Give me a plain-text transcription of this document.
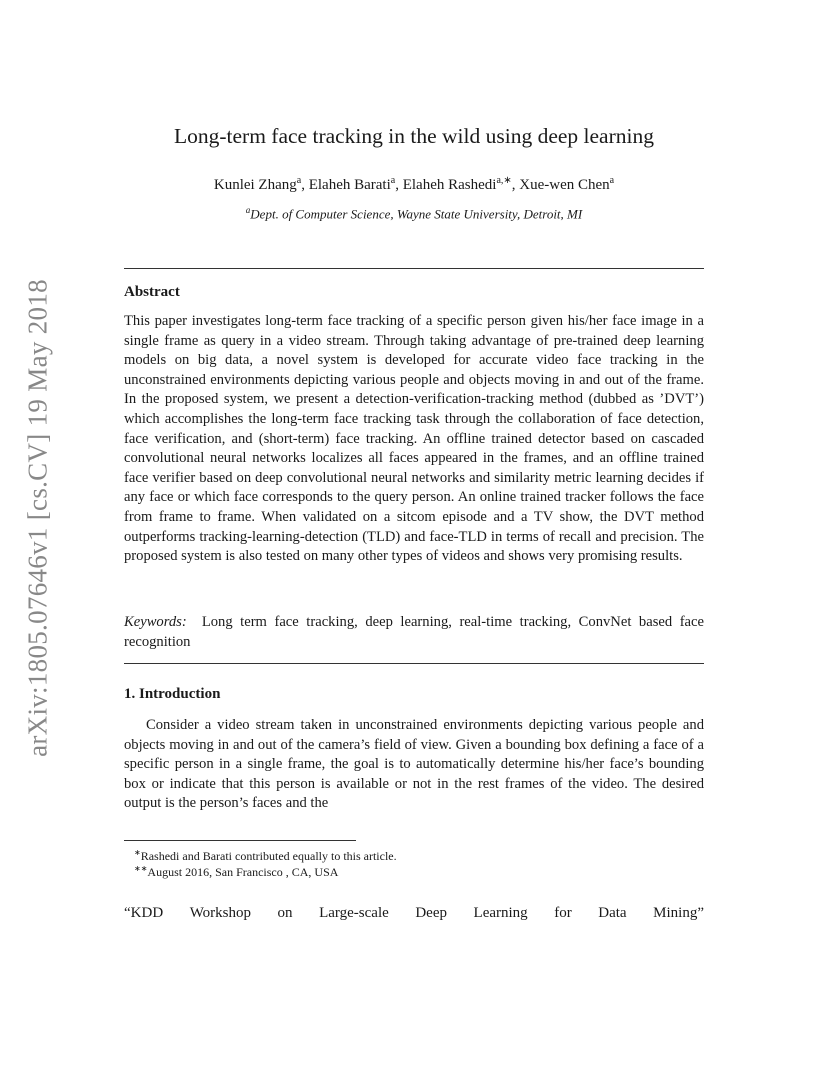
arXiv:1805.07646v1 [cs.CV] 19 May 2018
Long-term face tracking in the wild using deep learning
Kunlei Zhang$^a$, Elaheh Barati$^a$, Elaheh Rashedi$^{a,∗}$, Xue-wen Chen$^a$
$^a$Dept. of Computer Science, Wayne State University, Detroit, MI
Abstract
This paper investigates long-term face tracking of a specific person given his/her face image in a single frame as query in a video stream. Through taking advantage of pre-trained deep learning models on big data, a novel system is developed for accurate video face tracking in the unconstrained environments depicting various people and objects moving in and out of the frame. In the proposed system, we present a detection-verification-tracking method (dubbed as ’DVT’) which accomplishes the long-term face tracking task through the collaboration of face detection, face verification, and (short-term) face tracking. An offline trained detector based on cascaded convolutional neural networks localizes all faces appeared in the frames, and an offline trained face verifier based on deep convolutional neural networks and similarity metric learning decides if any face or which face corresponds to the query person. An online trained tracker follows the face from frame to frame. When validated on a sitcom episode and a TV show, the DVT method outperforms tracking-learning-detection (TLD) and face-TLD in terms of recall and precision. The proposed system is also tested on many other types of videos and shows very promising results.
Keywords: Long term face tracking, deep learning, real-time tracking, ConvNet based face recognition
1. Introduction
Consider a video stream taken in unconstrained environments depicting various people and objects moving in and out of the camera’s field of view. Given a bounding box defining a face of a specific person in a single frame, the goal is to automatically determine his/her face’s bounding box or indicate that this person is available or not in the rest frames of the video. The desired output is the person’s faces and the
∗Rashedi and Barati contributed equally to this article.
∗∗August 2016, San Francisco , CA, USA
“KDD Workshop on Large-scale Deep Learning for Data Mining”
